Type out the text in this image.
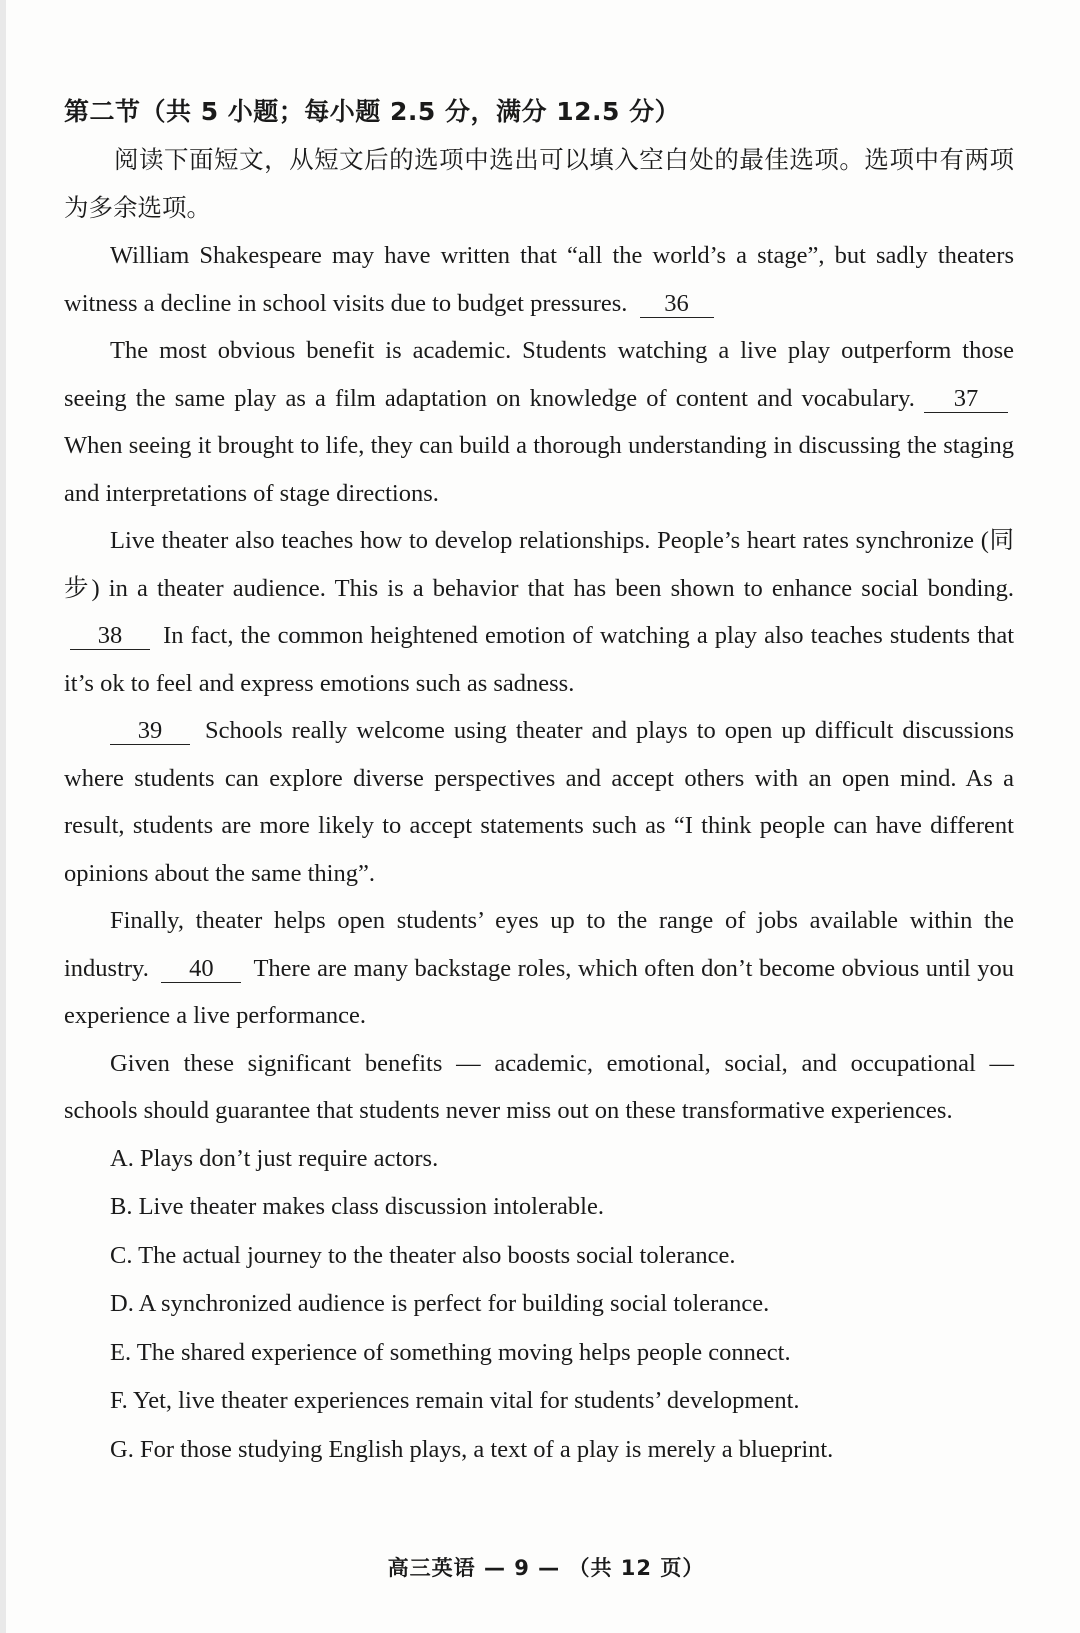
第二节（共 5 小题；每小题 2.5 分，满分 12.5 分）

阅读下面短文，从短文后的选项中选出可以填入空白处的最佳选项。选项中有两项为多余选项。

William Shakespeare may have written that “all the world’s a stage”, but sadly theaters witness a decline in school visits due to budget pressures. 36

The most obvious benefit is academic. Students watching a live play outperform those seeing the same play as a film adaptation on knowledge of content and vocabulary. 37 When seeing it brought to life, they can build a thorough understanding in discussing the staging and interpretations of stage directions.

Live theater also teaches how to develop relationships. People’s heart rates synchronize (同步) in a theater audience. This is a behavior that has been shown to enhance social bonding. 38 In fact, the common heightened emotion of watching a play also teaches students that it’s ok to feel and express emotions such as sadness.

39 Schools really welcome using theater and plays to open up difficult discussions where students can explore diverse perspectives and accept others with an open mind. As a result, students are more likely to accept statements such as “I think people can have different opinions about the same thing”.

Finally, theater helps open students’ eyes up to the range of jobs available within the industry. 40 There are many backstage roles, which often don’t become obvious until you experience a live performance.

Given these significant benefits — academic, emotional, social, and occupational — schools should guarantee that students never miss out on these transformative experiences.

A. Plays don’t just require actors.

B. Live theater makes class discussion intolerable.

C. The actual journey to the theater also boosts social tolerance.

D. A synchronized audience is perfect for building social tolerance.

E. The shared experience of something moving helps people connect.

F. Yet, live theater experiences remain vital for students’ development.

G. For those studying English plays, a text of a play is merely a blueprint.

高三英语 — 9 — （共 12 页）
